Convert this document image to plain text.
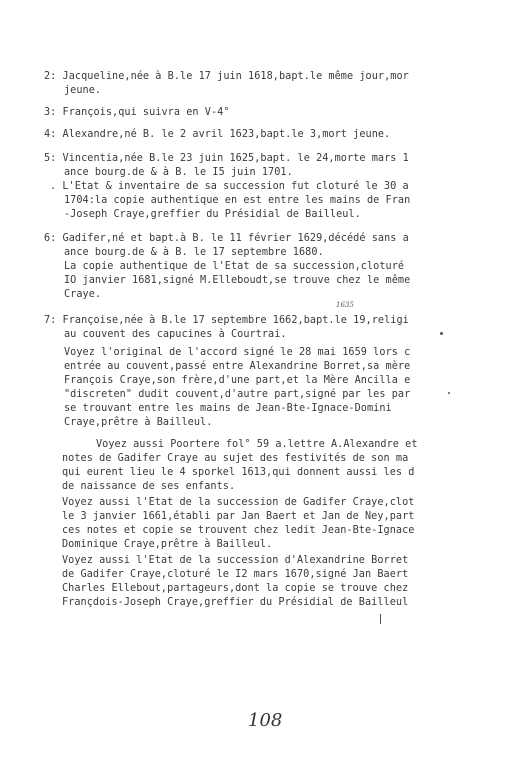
2: Jacqueline,née à B.le 17 juin 1618,bapt.le même jour,mor
jeune.
3: François,qui suivra en V-4°
4: Alexandre,né B. le 2 avril 1623,bapt.le 3,mort jeune.
5: Vincentia,née B.le 23 juin 1625,bapt. le 24,morte mars 1
ance bourg.de & à B. le I5 juin 1701.
. L'Etat & inventaire de sa succession fut cloturé le 30 a
1704:la copie authentique en est entre les mains de Fran
-Joseph Craye,greffier du Présidial de Bailleul.
6: Gadifer,né et bapt.à B. le 11 février 1629,décédé sans a
ance bourg.de & à B. le 17 septembre 1680.
La copie authentique de l'Etat de sa succession,cloturé
IO janvier 1681,signé M.Elleboudt,se trouve chez le même
Craye.
7: Françoise,née à B.le 17 septembre 1662,bapt.le 19,religi
au couvent des capucines à Courtrai.
Voyez l'original de l'accord signé le 28 mai 1659 lors c
entrée au couvent,passé entre Alexandrine Borret,sa mère
François Craye,son frère,d'une part,et la Mère Ancilla e
"discreten" dudit couvent,d'autre part,signé par les par
se trouvant entre les mains de Jean-Bte-Ignace-Domini
Craye,prêtre à Bailleul.
Voyez aussi Poortere fol° 59 a.lettre A.Alexandre et
notes de Gadifer Craye au sujet des festivités de son ma
qui eurent lieu le 4 sporkel 1613,qui donnent aussi les d
de naissance de ses enfants.
Voyez aussi l'Etat de la succession de Gadifer Craye,clot
le 3 janvier 1661,établi par Jan Baert et Jan de Ney,part
ces notes et copie se trouvent chez ledit Jean-Bte-Ignace
Dominique Craye,prêtre à Bailleul.
Voyez aussi l'Etat de la succession d'Alexandrine Borret
de Gadifer Craye,cloturé le I2 mars 1670,signé Jan Baert
Charles Ellebout,partageurs,dont la copie se trouve chez
Françdois-Joseph Craye,greffier du Présidial de Bailleul
1635
108
